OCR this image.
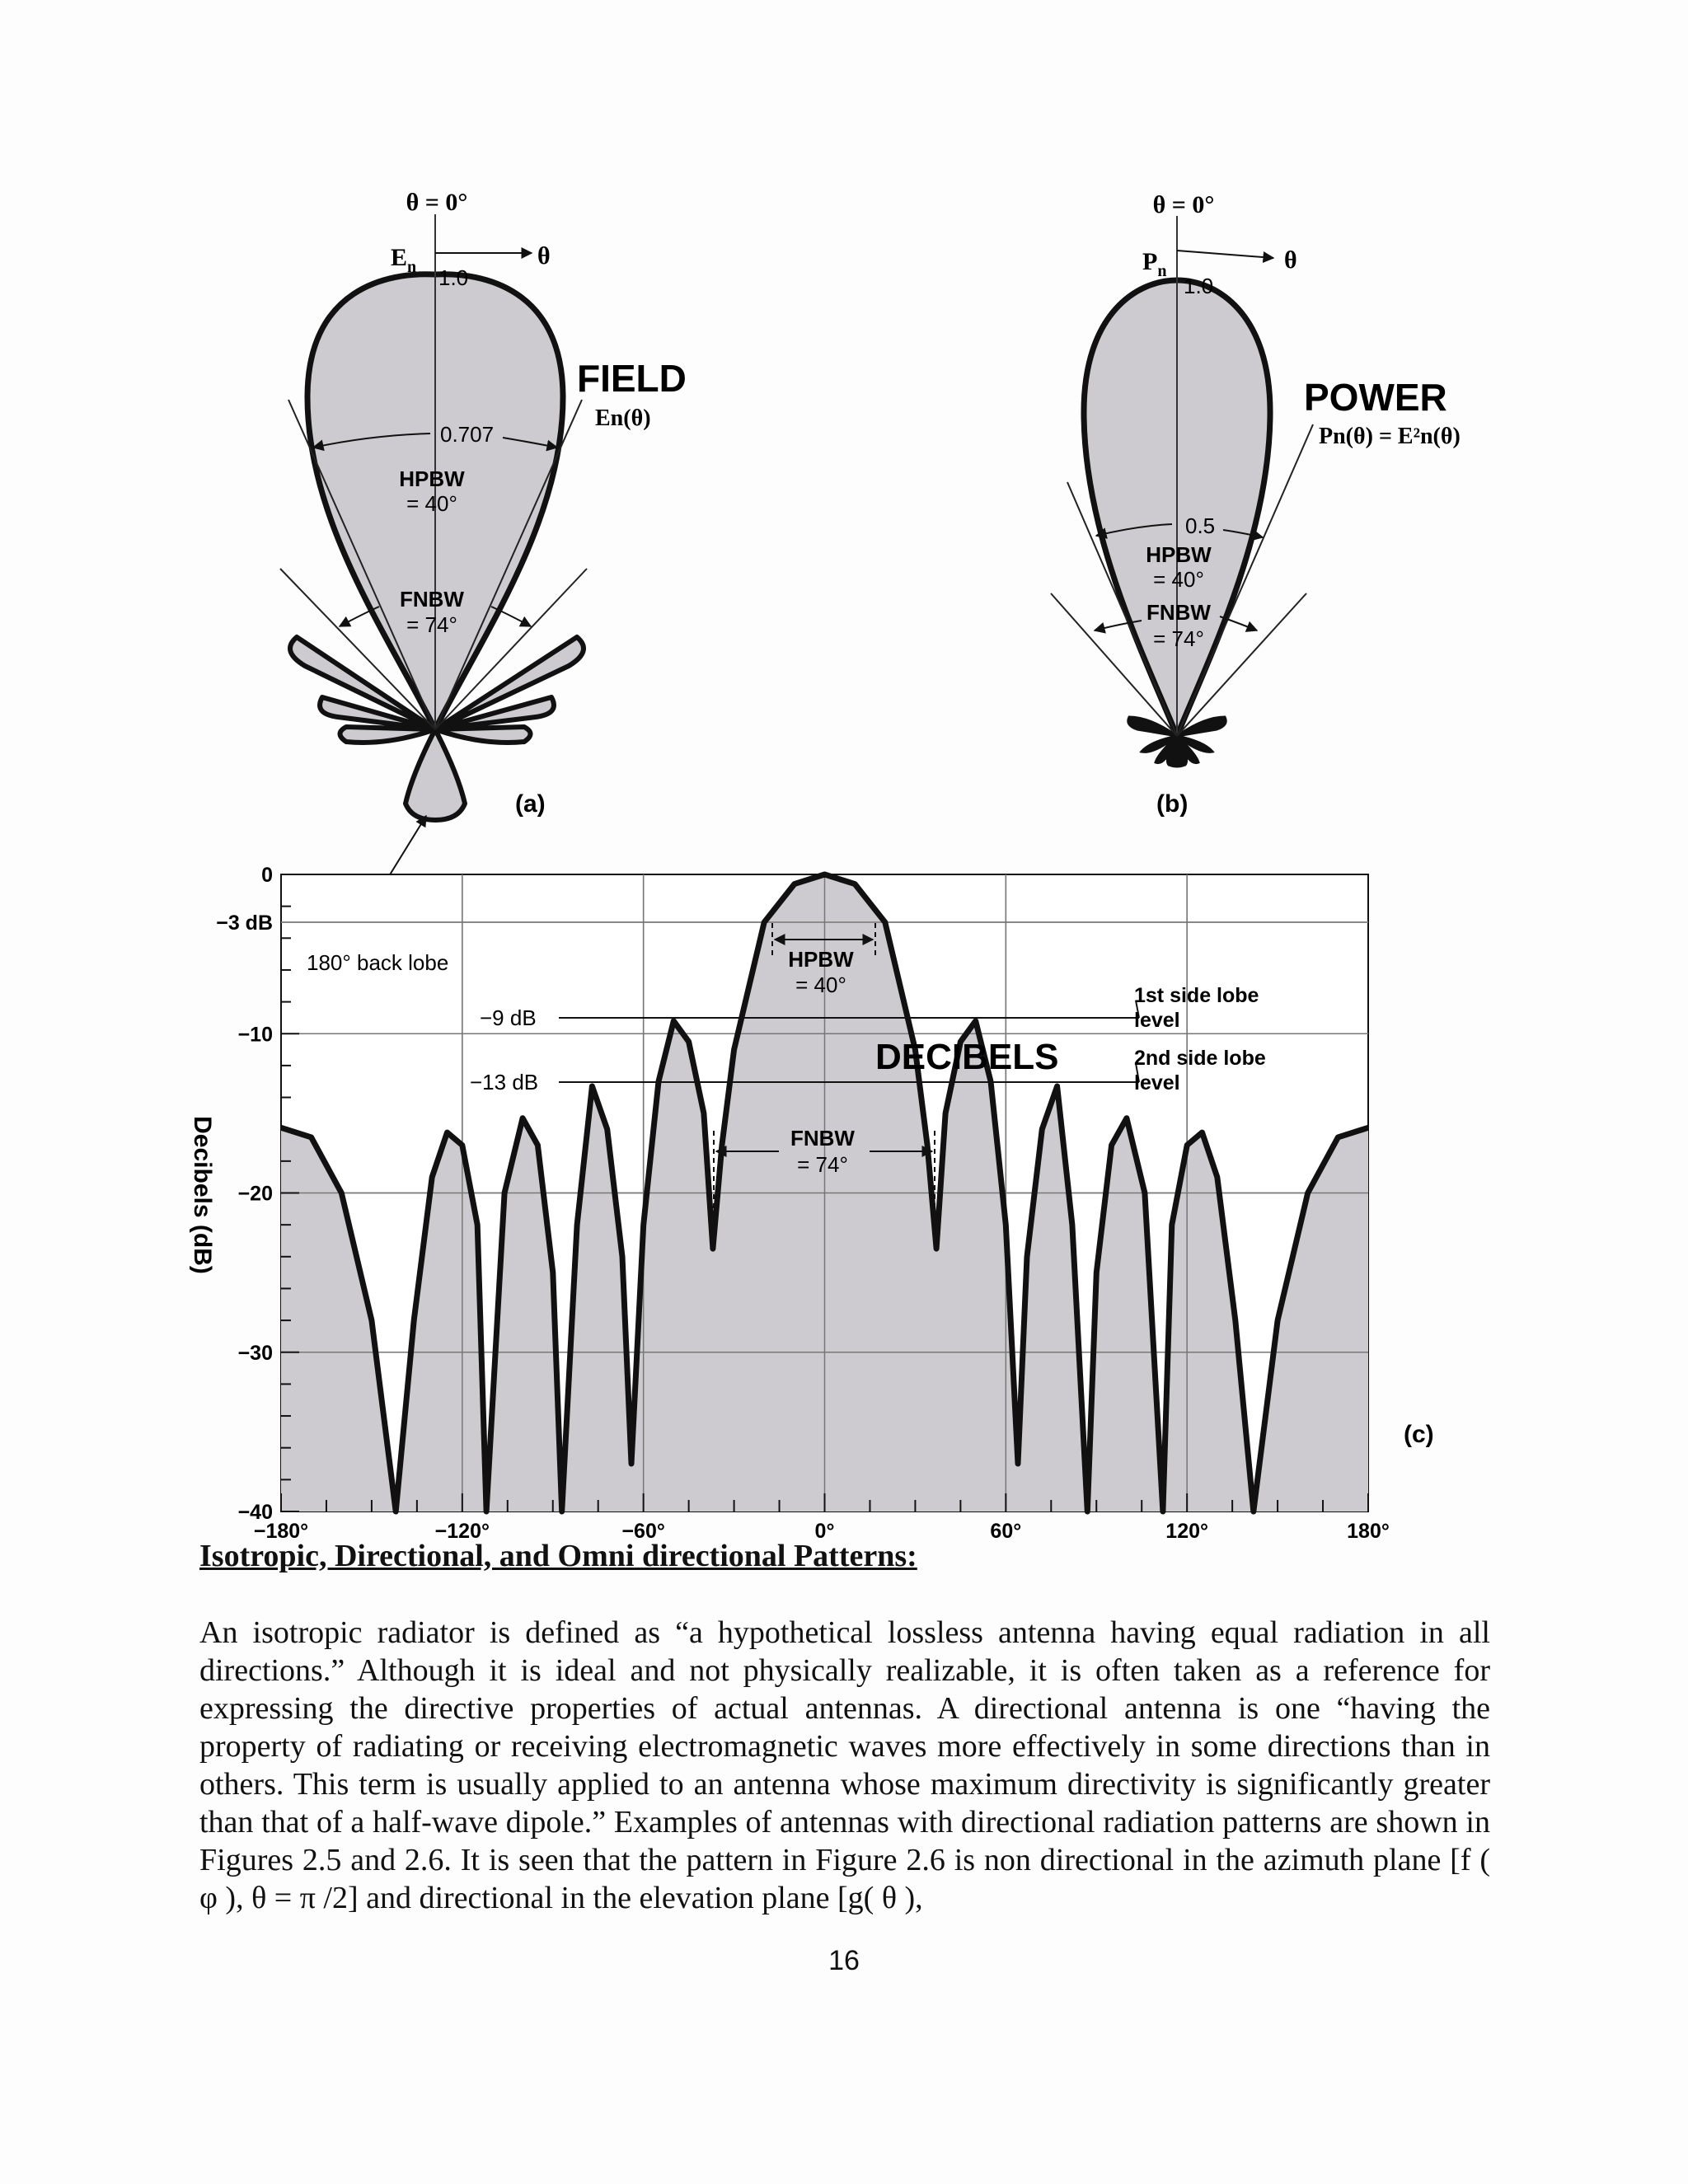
θ = 0°
$E_n$	θ
1.0
FIELD
En(θ)
0.707
HPBW
= 40°
FNBW
= 74°
(a)
θ = 0°
$P_n$	θ
1.0
POWER
Pn(θ) = E²n(θ)
0.5
HPBW
= 40°
FNBW
= 74°
(b)
−180°	−120°	−60°	0°	60°	120°	180°
0
−3 dB
−10
−20
−30
−40
180° back lobe	HPBW
= 40°
−9 dB
−13 dB
DECIBELS
1st side lobe
level
2nd side lobe
level
FNBW
= 74°
(c)
Decibels (dB)
Isotropic, Directional, and Omni directional Patterns:

An isotropic radiator is defined as “a hypothetical lossless antenna having equal radiation in all directions.” Although it is ideal and not physically realizable, it is often taken as a reference for expressing the directive properties of actual antennas. A directional antenna is one “having the property of radiating or receiving electromagnetic waves more effectively in some directions than in others. This term is usually applied to an antenna whose maximum directivity is significantly greater than that of a half-wave dipole.” Examples of antennas with directional radiation patterns are shown in Figures 2.5 and 2.6. It is seen that the pattern in Figure 2.6 is non directional in the azimuth plane [f ( φ ), θ = π /2] and directional in the elevation plane [g( θ ),

16
